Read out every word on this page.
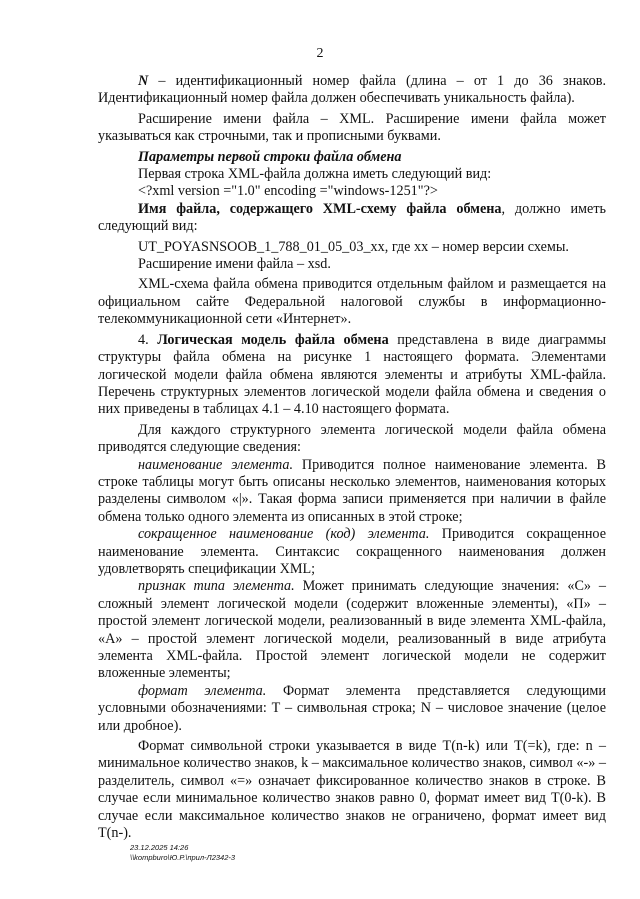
2

N – идентификационный номер файла (длина – от 1 до 36 знаков. Идентификационный номер файла должен обеспечивать уникальность файла).

Расширение имени файла – XML. Расширение имени файла может указываться как строчными, так и прописными буквами.

Параметры первой строки файла обмена

Первая строка XML-файла должна иметь следующий вид:

<?xml version ="1.0" encoding ="windows-1251"?>

Имя файла, содержащего XML-схему файла обмена, должно иметь следующий вид:

UT_POYASNSOOB_1_788_01_05_03_xx, где xx – номер версии схемы.

Расширение имени файла – xsd.

XML-схема файла обмена приводится отдельным файлом и размещается на официальном сайте Федеральной налоговой службы в информационно-телекоммуникационной сети «Интернет».

4. Логическая модель файла обмена представлена в виде диаграммы структуры файла обмена на рисунке 1 настоящего формата. Элементами логической модели файла обмена являются элементы и атрибуты XML-файла. Перечень структурных элементов логической модели файла обмена и сведения о них приведены в таблицах 4.1 – 4.10 настоящего формата.

Для каждого структурного элемента логической модели файла обмена приводятся следующие сведения:

наименование элемента. Приводится полное наименование элемента. В строке таблицы могут быть описаны несколько элементов, наименования которых разделены символом «|». Такая форма записи применяется при наличии в файле обмена только одного элемента из описанных в этой строке;

сокращенное наименование (код) элемента. Приводится сокращенное наименование элемента. Синтаксис сокращенного наименования должен удовлетворять спецификации XML;

признак типа элемента. Может принимать следующие значения: «С» – сложный элемент логической модели (содержит вложенные элементы), «П» – простой элемент логической модели, реализованный в виде элемента XML-файла, «А» – простой элемент логической модели, реализованный в виде атрибута элемента XML-файла. Простой элемент логической модели не содержит вложенные элементы;

формат элемента. Формат элемента представляется следующими условными обозначениями: T – символьная строка; N – числовое значение (целое или дробное).

Формат символьной строки указывается в виде T(n-k) или T(=k), где: n – минимальное количество знаков, k – максимальное количество знаков, символ «-» – разделитель, символ «=» означает фиксированное количество знаков в строке. В случае если минимальное количество знаков равно 0, формат имеет вид T(0-k). В случае если максимальное количество знаков не ограничено, формат имеет вид T(n-).

23.12.2025 14:26
\\kompburo\Ю.Р.\прил-Л2342-3
